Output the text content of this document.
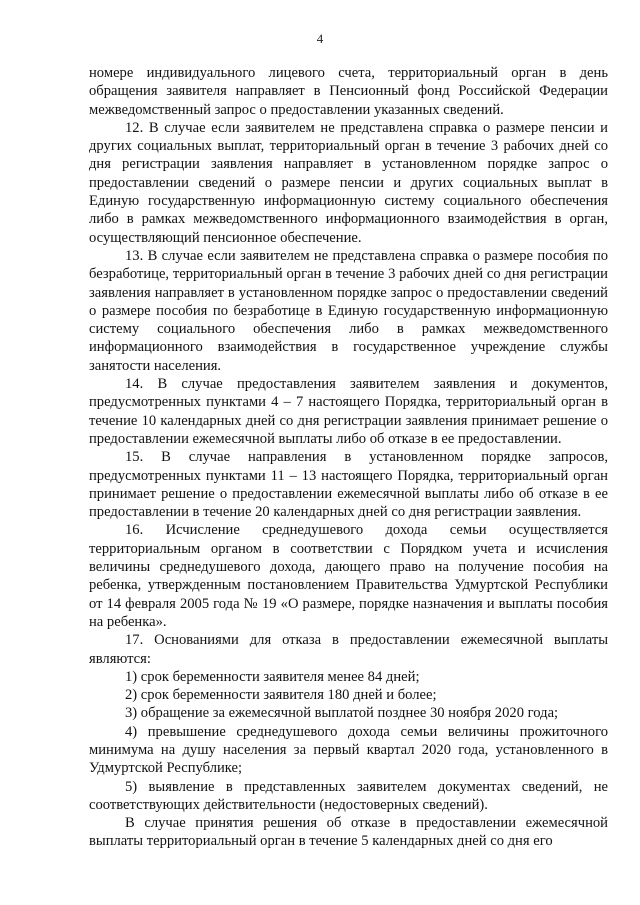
4

номере индивидуального лицевого счета, территориальный орган в день обращения заявителя направляет в Пенсионный фонд Российской Федерации межведомственный запрос о предоставлении указанных сведений.

12. В случае если заявителем не представлена справка о размере пенсии и других социальных выплат, территориальный орган в течение 3 рабочих дней со дня регистрации заявления направляет в установленном порядке запрос о предоставлении сведений о размере пенсии и других социальных выплат в Единую государственную информационную систему социального обеспечения либо в рамках межведомственного информационного взаимодействия в орган, осуществляющий пенсионное обеспечение.

13. В случае если заявителем не представлена справка о размере пособия по безработице, территориальный орган в течение 3 рабочих дней со дня регистрации заявления направляет в установленном порядке запрос о предоставлении сведений о размере пособия по безработице в Единую государственную информационную систему социального обеспечения либо в рамках межведомственного информационного взаимодействия в государственное учреждение службы занятости населения.

14. В случае предоставления заявителем заявления и документов, предусмотренных пунктами 4 – 7 настоящего Порядка, территориальный орган в течение 10 календарных дней со дня регистрации заявления принимает решение о предоставлении ежемесячной выплаты либо об отказе в ее предоставлении.

15. В случае направления в установленном порядке запросов, предусмотренных пунктами 11 – 13 настоящего Порядка, территориальный орган принимает решение о предоставлении ежемесячной выплаты либо об отказе в ее предоставлении в течение 20 календарных дней со дня регистрации заявления.

16. Исчисление среднедушевого дохода семьи осуществляется территориальным органом в соответствии с Порядком учета и исчисления величины среднедушевого дохода, дающего право на получение пособия на ребенка, утвержденным постановлением Правительства Удмуртской Республики от 14 февраля 2005 года № 19 «О размере, порядке назначения и выплаты пособия на ребенка».

17. Основаниями для отказа в предоставлении ежемесячной выплаты являются:

1) срок беременности заявителя менее 84 дней;

2) срок беременности заявителя 180 дней и более;

3) обращение за ежемесячной выплатой позднее 30 ноября 2020 года;

4) превышение среднедушевого дохода семьи величины прожиточного минимума на душу населения за первый квартал 2020 года, установленного в Удмуртской Республике;

5) выявление в представленных заявителем документах сведений, не соответствующих действительности (недостоверных сведений).

В случае принятия решения об отказе в предоставлении ежемесячной выплаты территориальный орган в течение 5 календарных дней со дня его
